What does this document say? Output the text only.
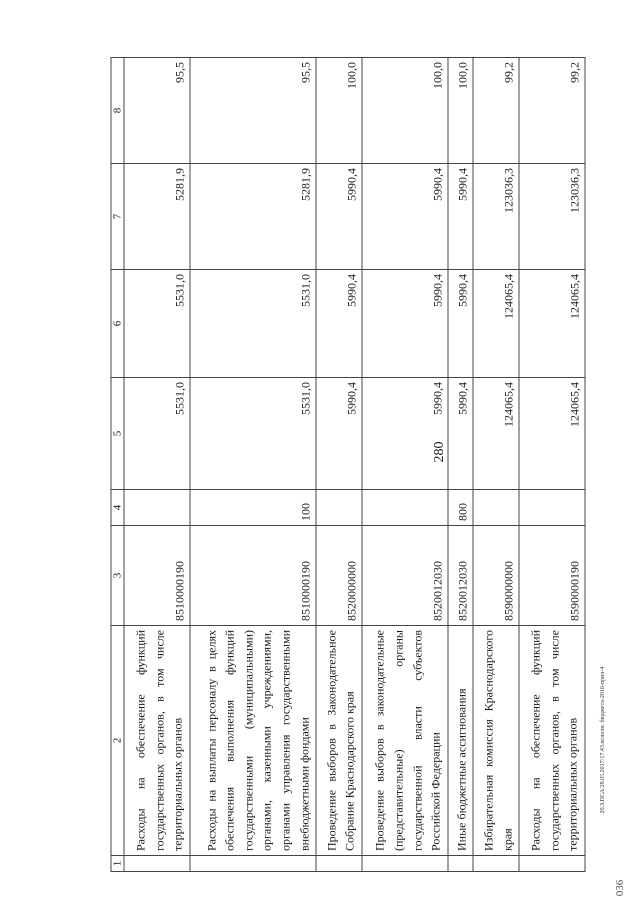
280
1	2	3	4	5	6	7	8
	Расходы на обеспечение функций государственных органов, в том числе территориальных органов	8510000190		5531,0	5531,0	5281,9	95,5
	Расходы на выплаты персоналу в целях обеспечения выполнения функций государственными (муниципальными) органами, казенными учреждениями, органами управления государственными внебюджетными фондами	8510000190	100	5531,0	5531,0	5281,9	95,5
	Проведение выборов в Законодательное Собрание Краснодарского края	8520000000		5990,4	5990,4	5990,4	100,0
	Проведение выборов в законодательные (представительные) органы государственной власти субъектов Российской Федерации	8520012030		5990,4	5990,4	5990,4	100,0
	Иные бюджетные ассигнования	8520012030	800	5990,4	5990,4	5990,4	100,0
	Избирательная комиссия Краснодарского края	8590000000		124065,4	124065,4	123036,3	99,2
	Расходы на обеспечение функций государственных органов, в том числе территориальных органов	8590000190		124065,4	124065,4	123036,3	99,2
20.3.ПСА/28.05.2017/17.43.исполн. бюджета-2016-прил-4
036
